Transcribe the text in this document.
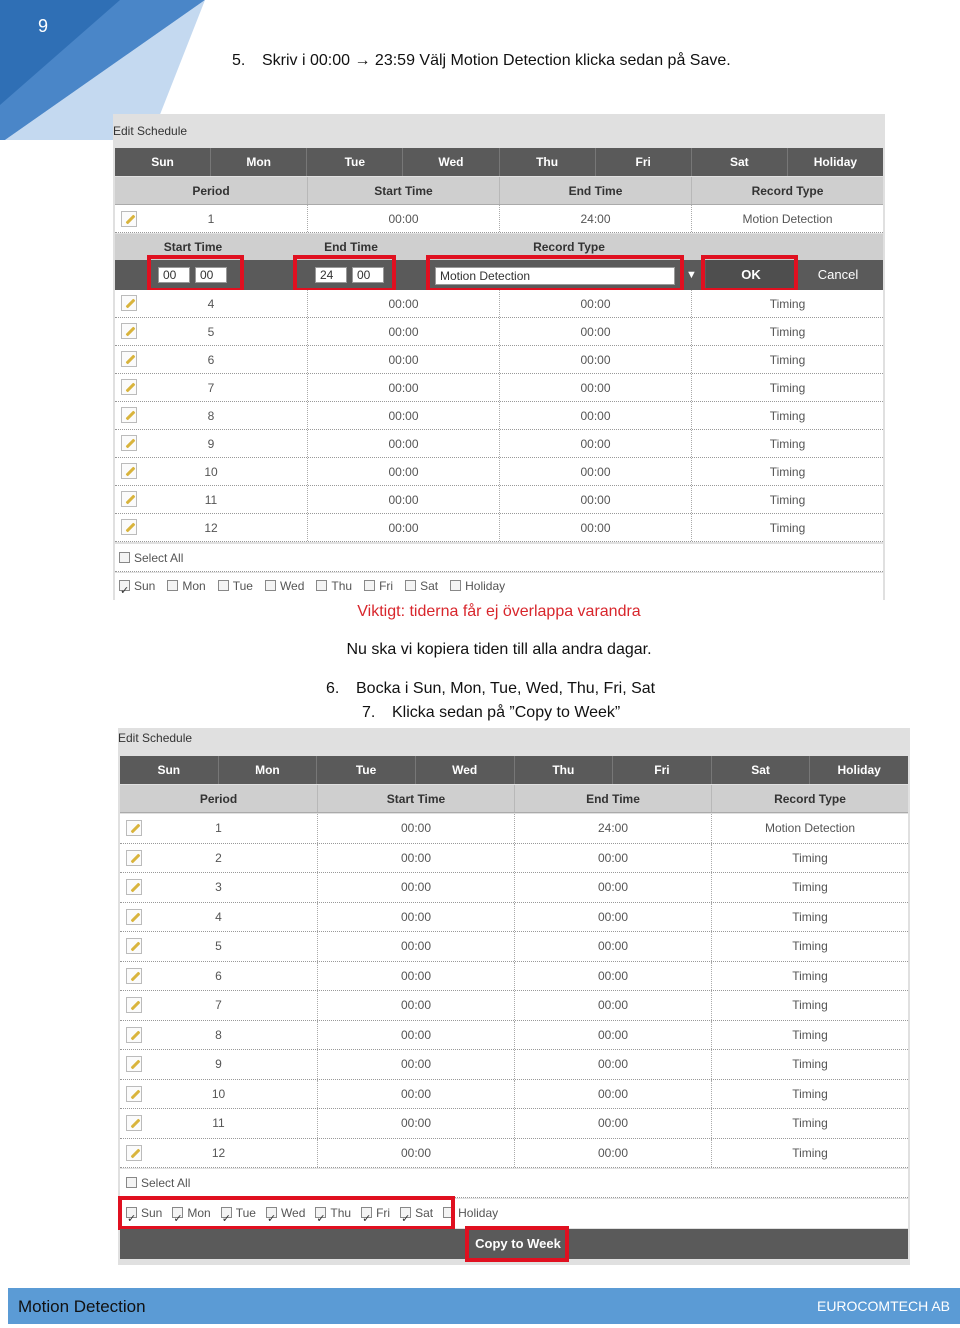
9
5. Skriv i 00:00 → 23:59 Välj Motion Detection klicka sedan på Save.
Edit Schedule
Sun	Mon	Tue	Wed	Thu	Fri	Sat	Holiday
Period	Start Time	End Time	Record Type
1	00:00	24:00	Motion Detection
Start Time	End Time	Record Type
00	00	24	00	Motion Detection	▼	OK	Cancel
4	00:00	00:00	Timing
5	00:00	00:00	Timing
6	00:00	00:00	Timing
7	00:00	00:00	Timing
8	00:00	00:00	Timing
9	00:00	00:00	Timing
10	00:00	00:00	Timing
11	00:00	00:00	Timing
12	00:00	00:00	Timing
Select All
✓Sun Mon Tue Wed Thu Fri Sat Holiday
Viktigt: tiderna får ej överlappa varandra
Nu ska vi kopiera tiden till alla andra dagar.
6. Bocka i Sun, Mon, Tue, Wed, Thu, Fri, Sat
7. Klicka sedan på ”Copy to Week”
Edit Schedule
Sun	Mon	Tue	Wed	Thu	Fri	Sat	Holiday
Period	Start Time	End Time	Record Type
1	00:00	24:00	Motion Detection
2	00:00	00:00	Timing
3	00:00	00:00	Timing
4	00:00	00:00	Timing
5	00:00	00:00	Timing
6	00:00	00:00	Timing
7	00:00	00:00	Timing
8	00:00	00:00	Timing
9	00:00	00:00	Timing
10	00:00	00:00	Timing
11	00:00	00:00	Timing
12	00:00	00:00	Timing
Select All
✓Sun ✓ Mon ✓ Tue ✓ Wed ✓ Thu ✓ Fri ✓ Sat Holiday
Copy to Week
Motion Detection	EUROCOMTECH AB
